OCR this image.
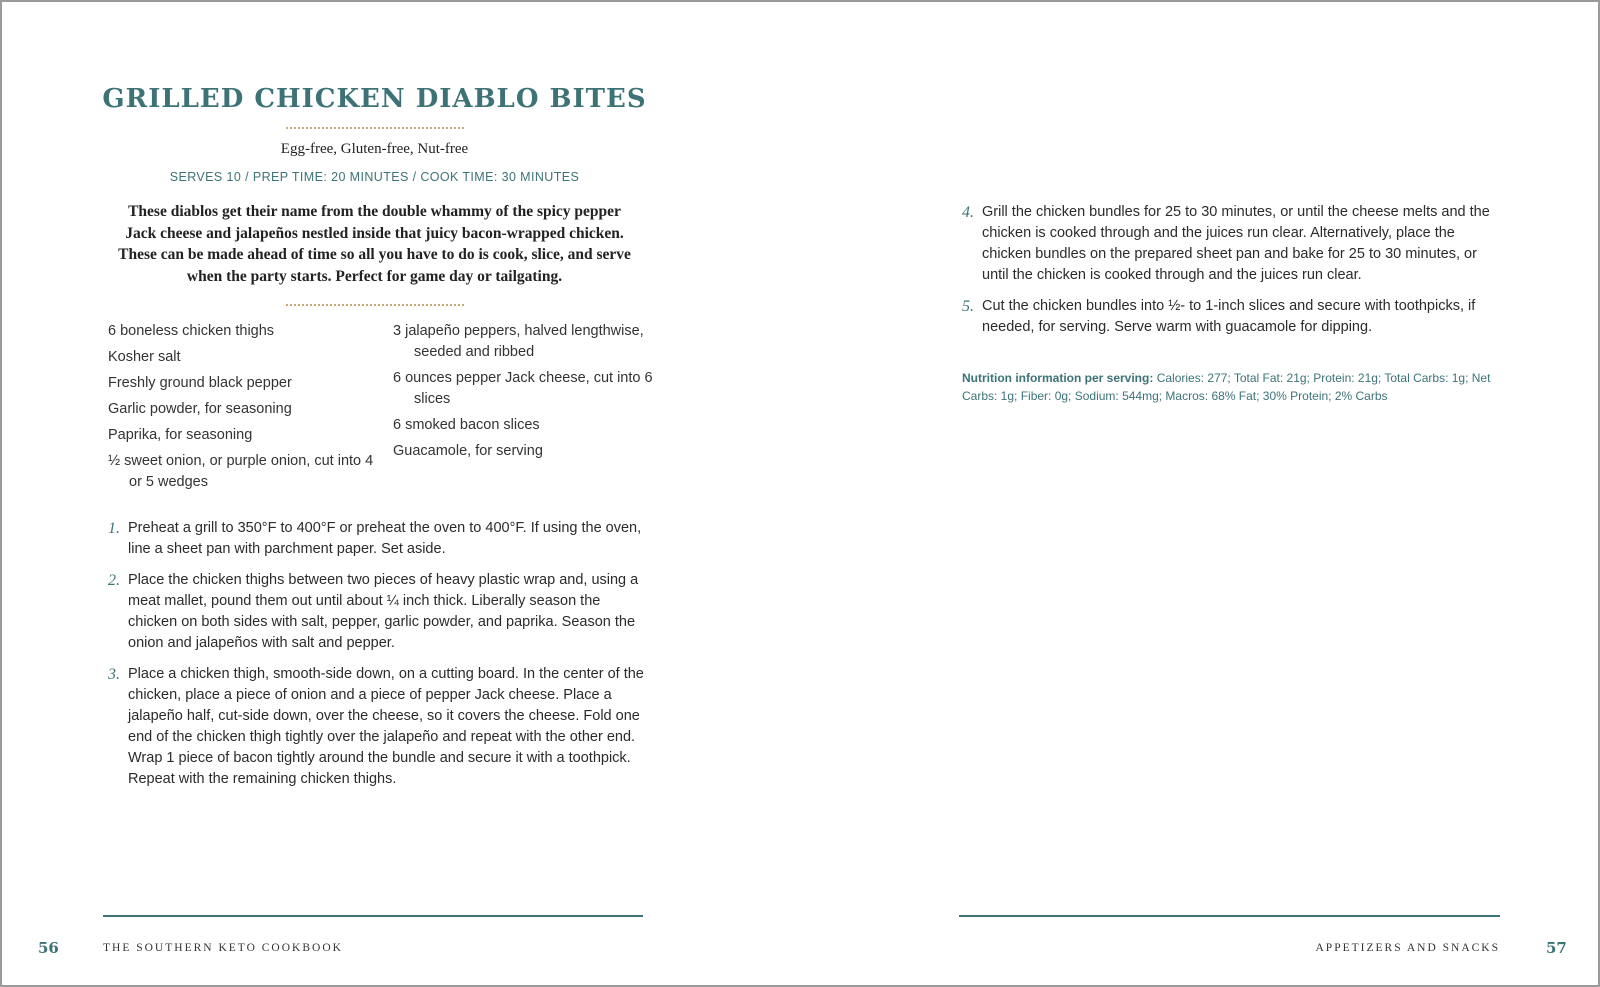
GRILLED CHICKEN DIABLO BITES
Egg-free, Gluten-free, Nut-free
SERVES 10 / PREP TIME: 20 MINUTES / COOK TIME: 30 MINUTES
These diablos get their name from the double whammy of the spicy pepper Jack cheese and jalapeños nestled inside that juicy bacon-wrapped chicken. These can be made ahead of time so all you have to do is cook, slice, and serve when the party starts. Perfect for game day or tailgating.
6 boneless chicken thighs
Kosher salt
Freshly ground black pepper
Garlic powder, for seasoning
Paprika, for seasoning
½ sweet onion, or purple onion, cut into 4 or 5 wedges
3 jalapeño peppers, halved lengthwise, seeded and ribbed
6 ounces pepper Jack cheese, cut into 6 slices
6 smoked bacon slices
Guacamole, for serving
1. Preheat a grill to 350°F to 400°F or preheat the oven to 400°F. If using the oven, line a sheet pan with parchment paper. Set aside.
2. Place the chicken thighs between two pieces of heavy plastic wrap and, using a meat mallet, pound them out until about ¼ inch thick. Liberally season the chicken on both sides with salt, pepper, garlic powder, and paprika. Season the onion and jalapeños with salt and pepper.
3. Place a chicken thigh, smooth-side down, on a cutting board. In the center of the chicken, place a piece of onion and a piece of pepper Jack cheese. Place a jalapeño half, cut-side down, over the cheese, so it covers the cheese. Fold one end of the chicken thigh tightly over the jalapeño and repeat with the other end. Wrap 1 piece of bacon tightly around the bundle and secure it with a toothpick. Repeat with the remaining chicken thighs.
4. Grill the chicken bundles for 25 to 30 minutes, or until the cheese melts and the chicken is cooked through and the juices run clear. Alternatively, place the chicken bundles on the prepared sheet pan and bake for 25 to 30 minutes, or until the chicken is cooked through and the juices run clear.
5. Cut the chicken bundles into ½- to 1-inch slices and secure with toothpicks, if needed, for serving. Serve warm with guacamole for dipping.
Nutrition information per serving: Calories: 277; Total Fat: 21g; Protein: 21g; Total Carbs: 1g; Net Carbs: 1g; Fiber: 0g; Sodium: 544mg; Macros: 68% Fat; 30% Protein; 2% Carbs
56	THE SOUTHERN KETO COOKBOOK	APPETIZERS AND SNACKS	57
